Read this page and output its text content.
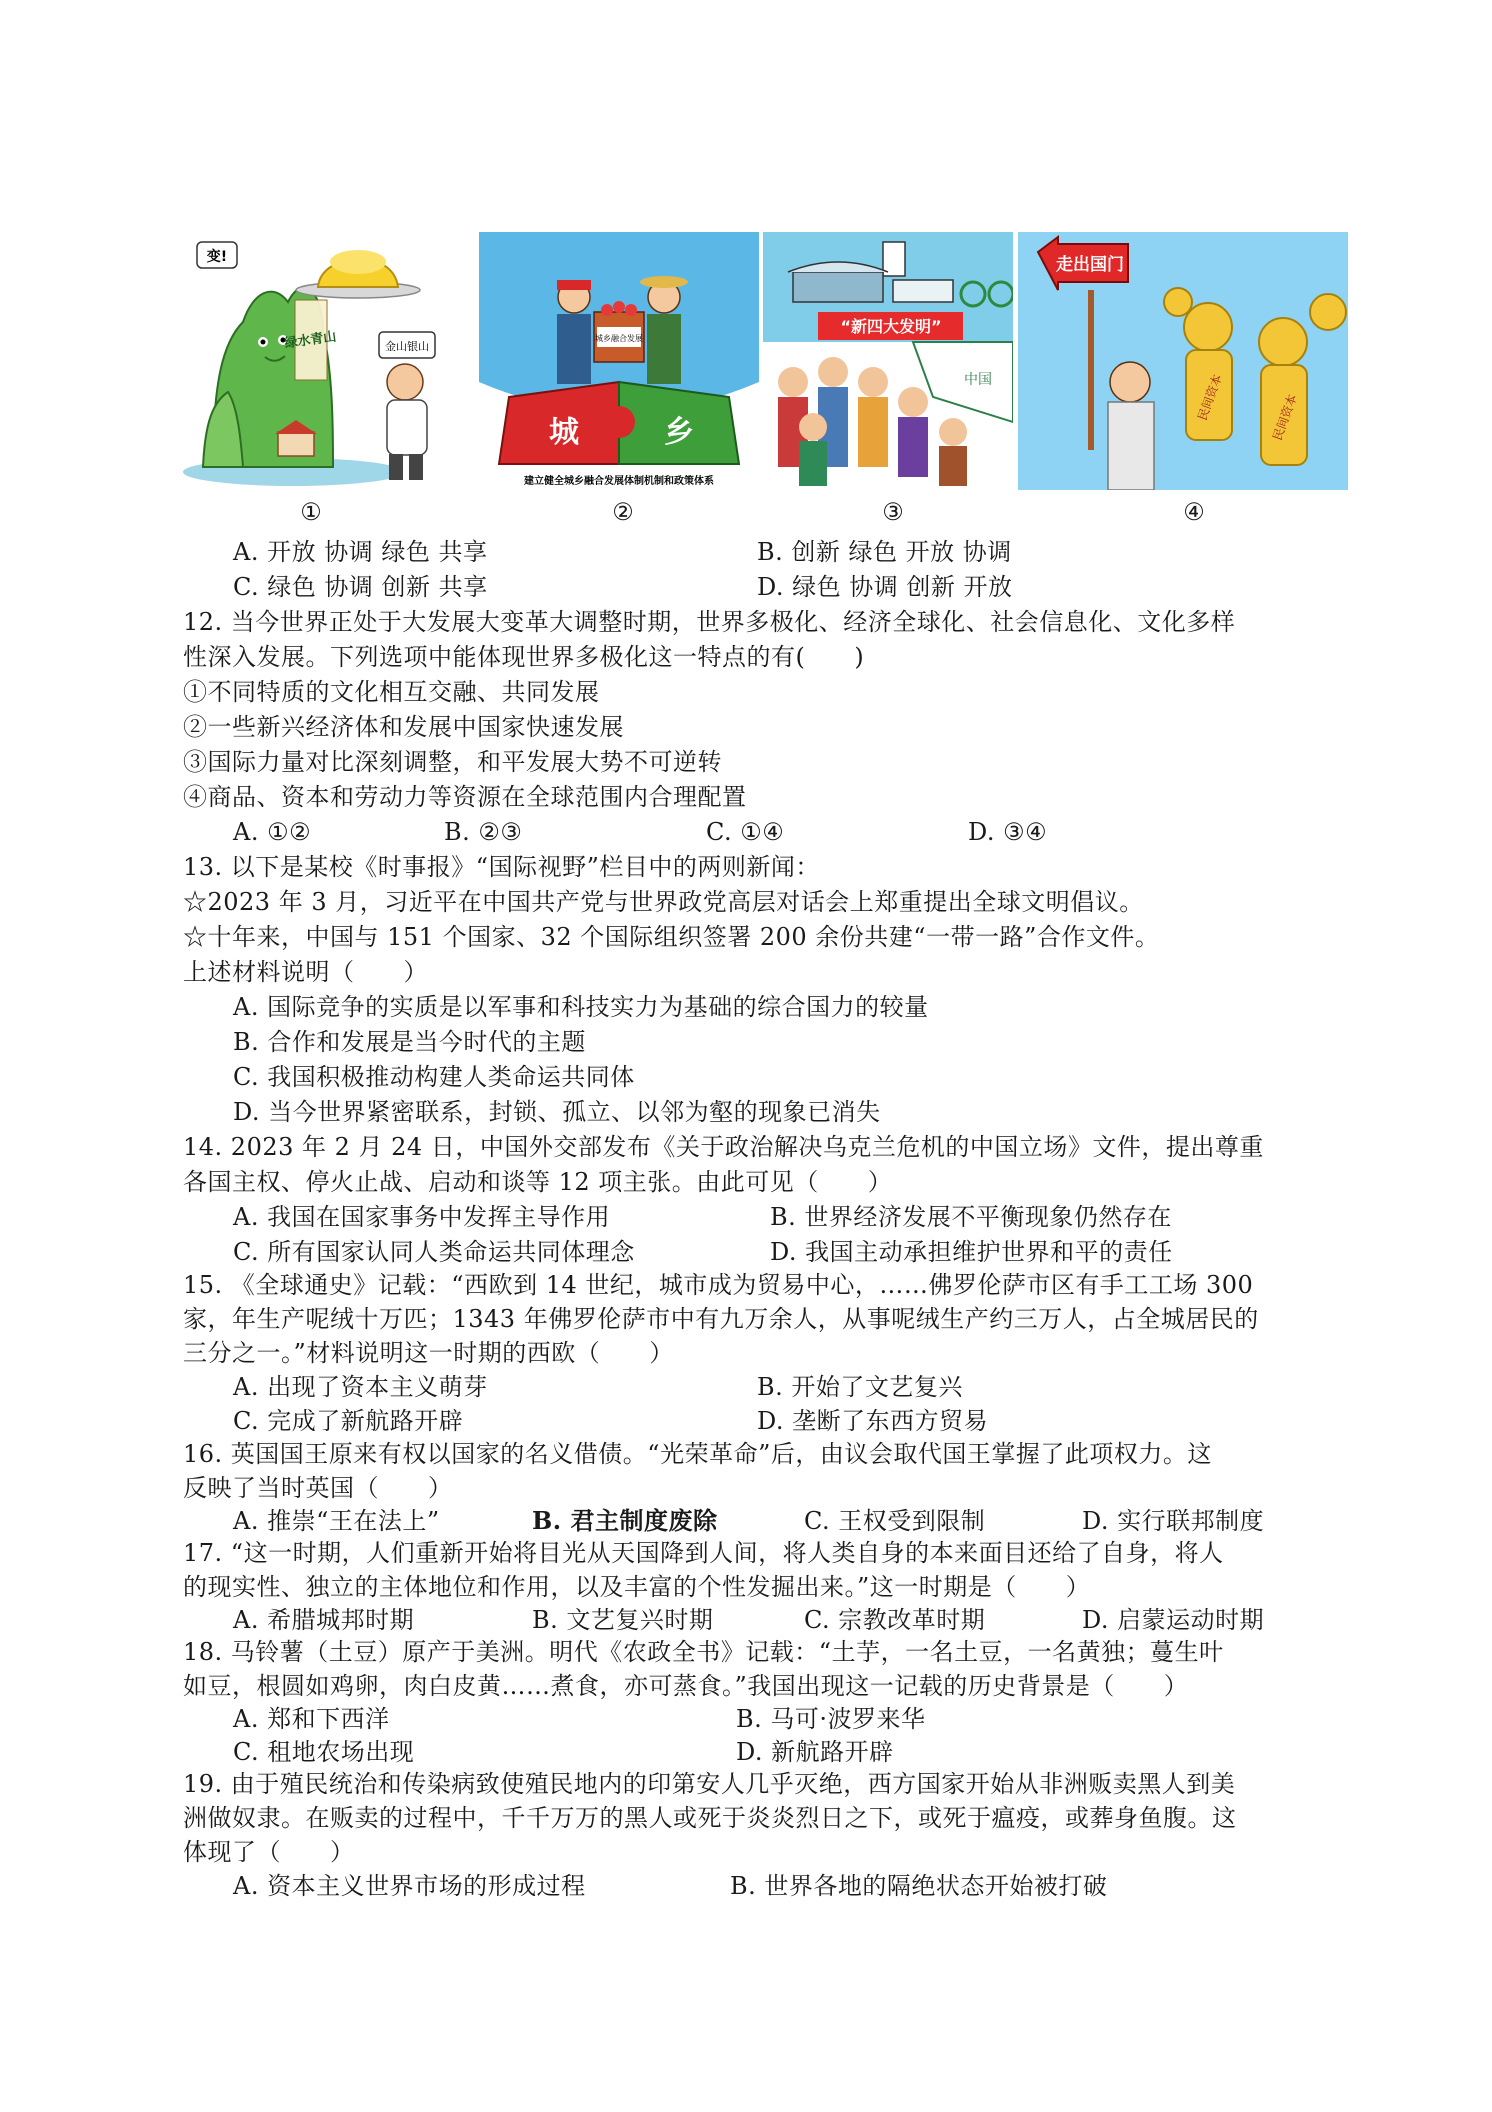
变!
绿水青山	金山银山
城	乡
城乡融合发展
建立健全城乡融合发展体制机制和政策体系
“新四大发明”
中国
走出国门
民间资本	民间资本
①	②	③	④
A. 开放 协调 绿色 共享	B. 创新 绿色 开放 协调
C. 绿色 协调 创新 共享	D. 绿色 协调 创新 开放
12. 当今世界正处于大发展大变革大调整时期，世界多极化、经济全球化、社会信息化、文化多样
性深入发展。下列选项中能体现世界多极化这一特点的有(　　)
①不同特质的文化相互交融、共同发展
②一些新兴经济体和发展中国家快速发展
③国际力量对比深刻调整，和平发展大势不可逆转
④商品、资本和劳动力等资源在全球范围内合理配置
A. ①②	B. ②③	C. ①④	D. ③④
13. 以下是某校《时事报》“国际视野”栏目中的两则新闻：
☆2023 年 3 月，习近平在中国共产党与世界政党高层对话会上郑重提出全球文明倡议。
☆十年来，中国与 151 个国家、32 个国际组织签署 200 余份共建“一带一路”合作文件。
上述材料说明（　　）
A. 国际竞争的实质是以军事和科技实力为基础的综合国力的较量
B. 合作和发展是当今时代的主题
C. 我国积极推动构建人类命运共同体
D. 当今世界紧密联系，封锁、孤立、以邻为壑的现象已消失
14. 2023 年 2 月 24 日，中国外交部发布《关于政治解决乌克兰危机的中国立场》文件，提出尊重
各国主权、停火止战、启动和谈等 12 项主张。由此可见（　　）
A. 我国在国家事务中发挥主导作用	B. 世界经济发展不平衡现象仍然存在
C. 所有国家认同人类命运共同体理念	D. 我国主动承担维护世界和平的责任
15. 《全球通史》记载：“西欧到 14 世纪，城市成为贸易中心，……佛罗伦萨市区有手工工场 300
家，年生产呢绒十万匹；1343 年佛罗伦萨市中有九万余人，从事呢绒生产约三万人，占全城居民的
三分之一。”材料说明这一时期的西欧（　　）
A. 出现了资本主义萌芽	B. 开始了文艺复兴
C. 完成了新航路开辟	D. 垄断了东西方贸易
16. 英国国王原来有权以国家的名义借债。“光荣革命”后，由议会取代国王掌握了此项权力。这
反映了当时英国（　　）
A. 推崇“王在法上”	B. 君主制度废除	C. 王权受到限制	D. 实行联邦制度
17. “这一时期，人们重新开始将目光从天国降到人间，将人类自身的本来面目还给了自身，将人
的现实性、独立的主体地位和作用，以及丰富的个性发掘出来。”这一时期是（　　）
A. 希腊城邦时期	B. 文艺复兴时期	C. 宗教改革时期	D. 启蒙运动时期
18. 马铃薯（土豆）原产于美洲。明代《农政全书》记载：“土芋，一名土豆，一名黄独；蔓生叶
如豆，根圆如鸡卵，肉白皮黄……煮食，亦可蒸食。”我国出现这一记载的历史背景是（　　）
A. 郑和下西洋	B. 马可·波罗来华
C. 租地农场出现	D. 新航路开辟
19. 由于殖民统治和传染病致使殖民地内的印第安人几乎灭绝，西方国家开始从非洲贩卖黑人到美
洲做奴隶。在贩卖的过程中，千千万万的黑人或死于炎炎烈日之下，或死于瘟疫，或葬身鱼腹。这
体现了（　　）
A. 资本主义世界市场的形成过程	B. 世界各地的隔绝状态开始被打破
